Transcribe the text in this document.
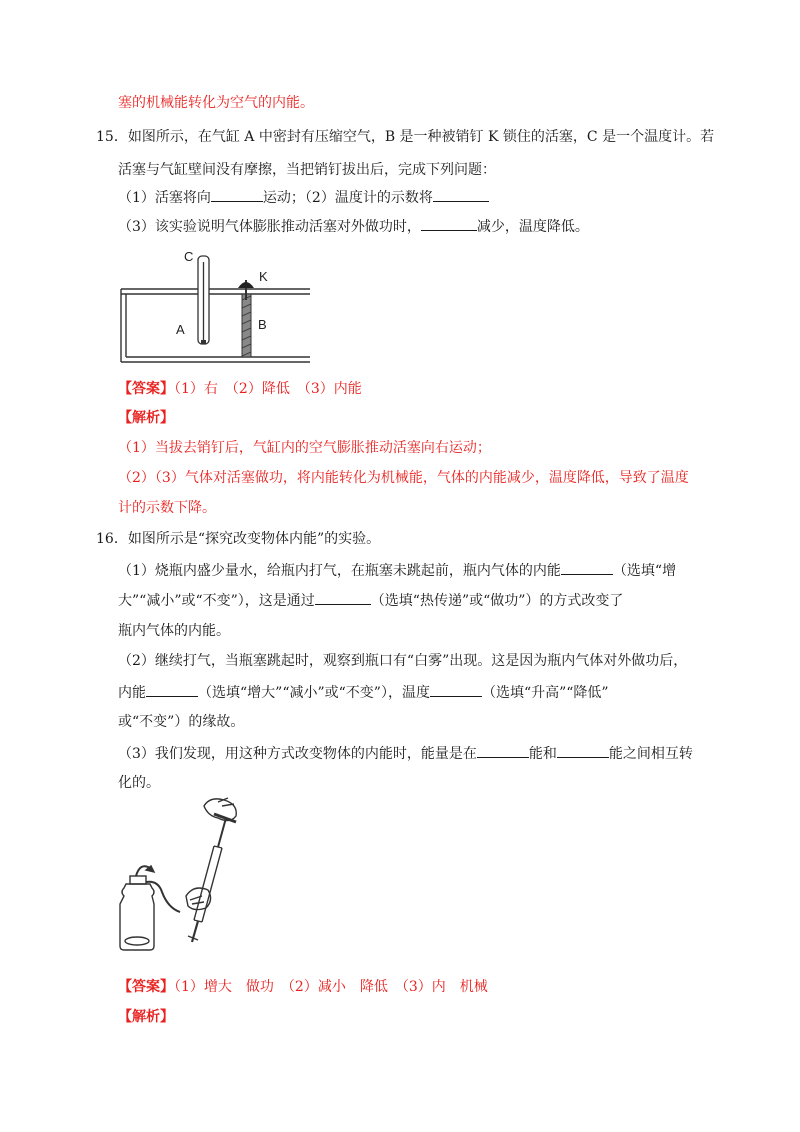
塞的机械能转化为空气的内能。
15．如图所示，在气缸 A 中密封有压缩空气，B 是一种被销钉 K 锁住的活塞，C 是一个温度计。若
活塞与气缸壁间没有摩擦，当把销钉拔出后，完成下列问题：
（1）活塞将向	运动；（2）温度计的示数将
（3）该实验说明气体膨胀推动活塞对外做功时，	减少，温度降低。
C
K
A	B
【答案】（1）右　（2）降低　（3）内能
【解析】
（1）当拔去销钉后，气缸内的空气膨胀推动活塞向右运动；
（2）（3）气体对活塞做功，将内能转化为机械能，气体的内能减少，温度降低，导致了温度
计的示数下降。
16．如图所示是“探究改变物体内能”的实验。
（1）烧瓶内盛少量水，给瓶内打气，在瓶塞未跳起前，瓶内气体的内能	（选填“增
大”“减小”或“不变”），这是通过	（选填“热传递”或“做功”）的方式改变了
瓶内气体的内能。
（2）继续打气，当瓶塞跳起时，观察到瓶口有“白雾”出现。这是因为瓶内气体对外做功后，
内能	（选填“增大”“减小”或“不变”），温度	（选填“升高”“降低”
或“不变”）的缘故。
（3）我们发现，用这种方式改变物体的内能时，能量是在	能和	能之间相互转
化的。
【答案】（1）增大　做功　（2）减小　降低　（3）内　机械
【解析】
